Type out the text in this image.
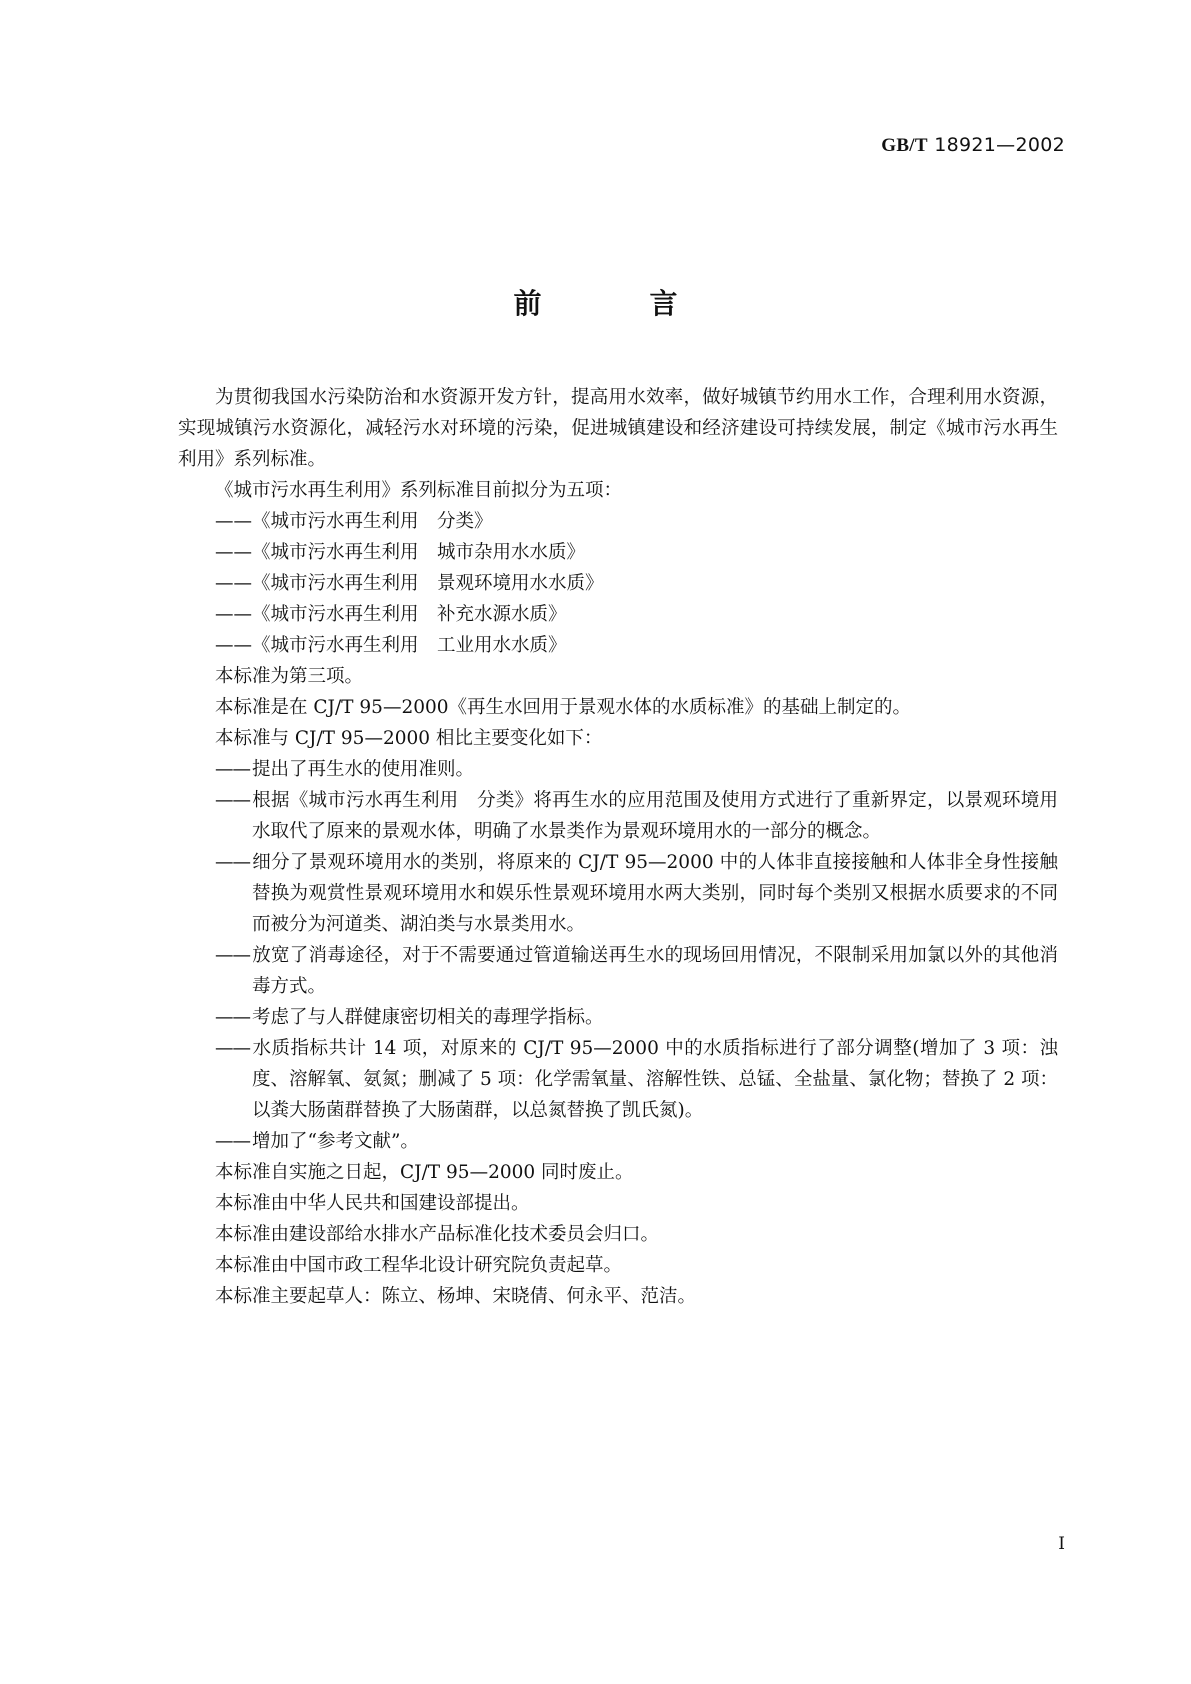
GB/T 18921—2002
前　言

为贯彻我国水污染防治和水资源开发方针，提高用水效率，做好城镇节约用水工作，合理利用水资源，实现城镇污水资源化，减轻污水对环境的污染，促进城镇建设和经济建设可持续发展，制定《城市污水再生利用》系列标准。

《城市污水再生利用》系列标准目前拟分为五项：

——《城市污水再生利用　分类》

——《城市污水再生利用　城市杂用水水质》

——《城市污水再生利用　景观环境用水水质》

——《城市污水再生利用　补充水源水质》

——《城市污水再生利用　工业用水水质》

本标准为第三项。

本标准是在 CJ/T 95—2000《再生水回用于景观水体的水质标准》的基础上制定的。

本标准与 CJ/T 95—2000 相比主要变化如下：

—— 提出了再生水的使用准则。

—— 根据《城市污水再生利用　分类》将再生水的应用范围及使用方式进行了重新界定，以景观环境用水取代了原来的景观水体，明确了水景类作为景观环境用水的一部分的概念。

—— 细分了景观环境用水的类别，将原来的 CJ/T 95—2000 中的人体非直接接触和人体非全身性接触替换为观赏性景观环境用水和娱乐性景观环境用水两大类别，同时每个类别又根据水质要求的不同而被分为河道类、湖泊类与水景类用水。

—— 放宽了消毒途径，对于不需要通过管道输送再生水的现场回用情况，不限制采用加氯以外的其他消毒方式。

—— 考虑了与人群健康密切相关的毒理学指标。

—— 水质指标共计 14 项，对原来的 CJ/T 95—2000 中的水质指标进行了部分调整(增加了 3 项：浊度、溶解氧、氨氮；删减了 5 项：化学需氧量、溶解性铁、总锰、全盐量、氯化物；替换了 2 项：以粪大肠菌群替换了大肠菌群，以总氮替换了凯氏氮)。

—— 增加了“参考文献”。

本标准自实施之日起，CJ/T 95—2000 同时废止。

本标准由中华人民共和国建设部提出。

本标准由建设部给水排水产品标准化技术委员会归口。

本标准由中国市政工程华北设计研究院负责起草。

本标准主要起草人：陈立、杨坤、宋晓倩、何永平、范洁。

I
